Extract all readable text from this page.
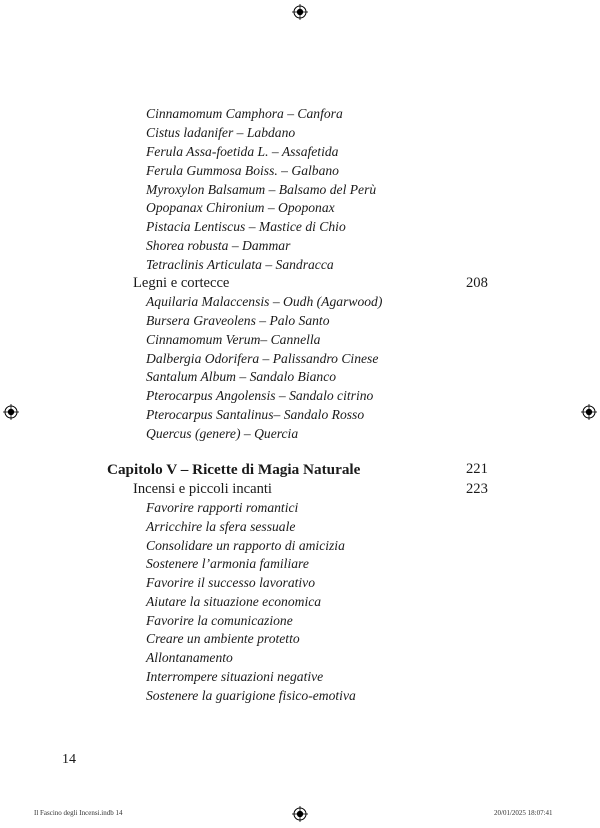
Cinnamomum Camphora – Canfora
Cistus ladanifer – Labdano
Ferula Assa-foetida L. – Assafetida
Ferula Gummosa Boiss. – Galbano
Myroxylon Balsamum – Balsamo del Perù
Opopanax Chironium – Opoponax
Pistacia Lentiscus – Mastice di Chio
Shorea robusta – Dammar
Tetraclinis Articulata – Sandracca
Legni e cortecce	208
Aquilaria Malaccensis – Oudh (Agarwood)
Bursera Graveolens – Palo Santo
Cinnamomum Verum– Cannella
Dalbergia Odorifera – Palissandro Cinese
Santalum Album – Sandalo Bianco
Pterocarpus Angolensis – Sandalo citrino
Pterocarpus Santalinus– Sandalo Rosso
Quercus (genere) – Quercia
Capitolo V – Ricette di Magia Naturale	221
Incensi e piccoli incanti	223
Favorire rapporti romantici
Arricchire la sfera sessuale
Consolidare un rapporto di amicizia
Sostenere l’armonia familiare
Favorire il successo lavorativo
Aiutare la situazione economica
Favorire la comunicazione
Creare un ambiente protetto
Allontanamento
Interrompere situazioni negative
Sostenere la guarigione fisico-emotiva
14
Il Fascino degli Incensi.indb 14	20/01/2025 18:07:41
